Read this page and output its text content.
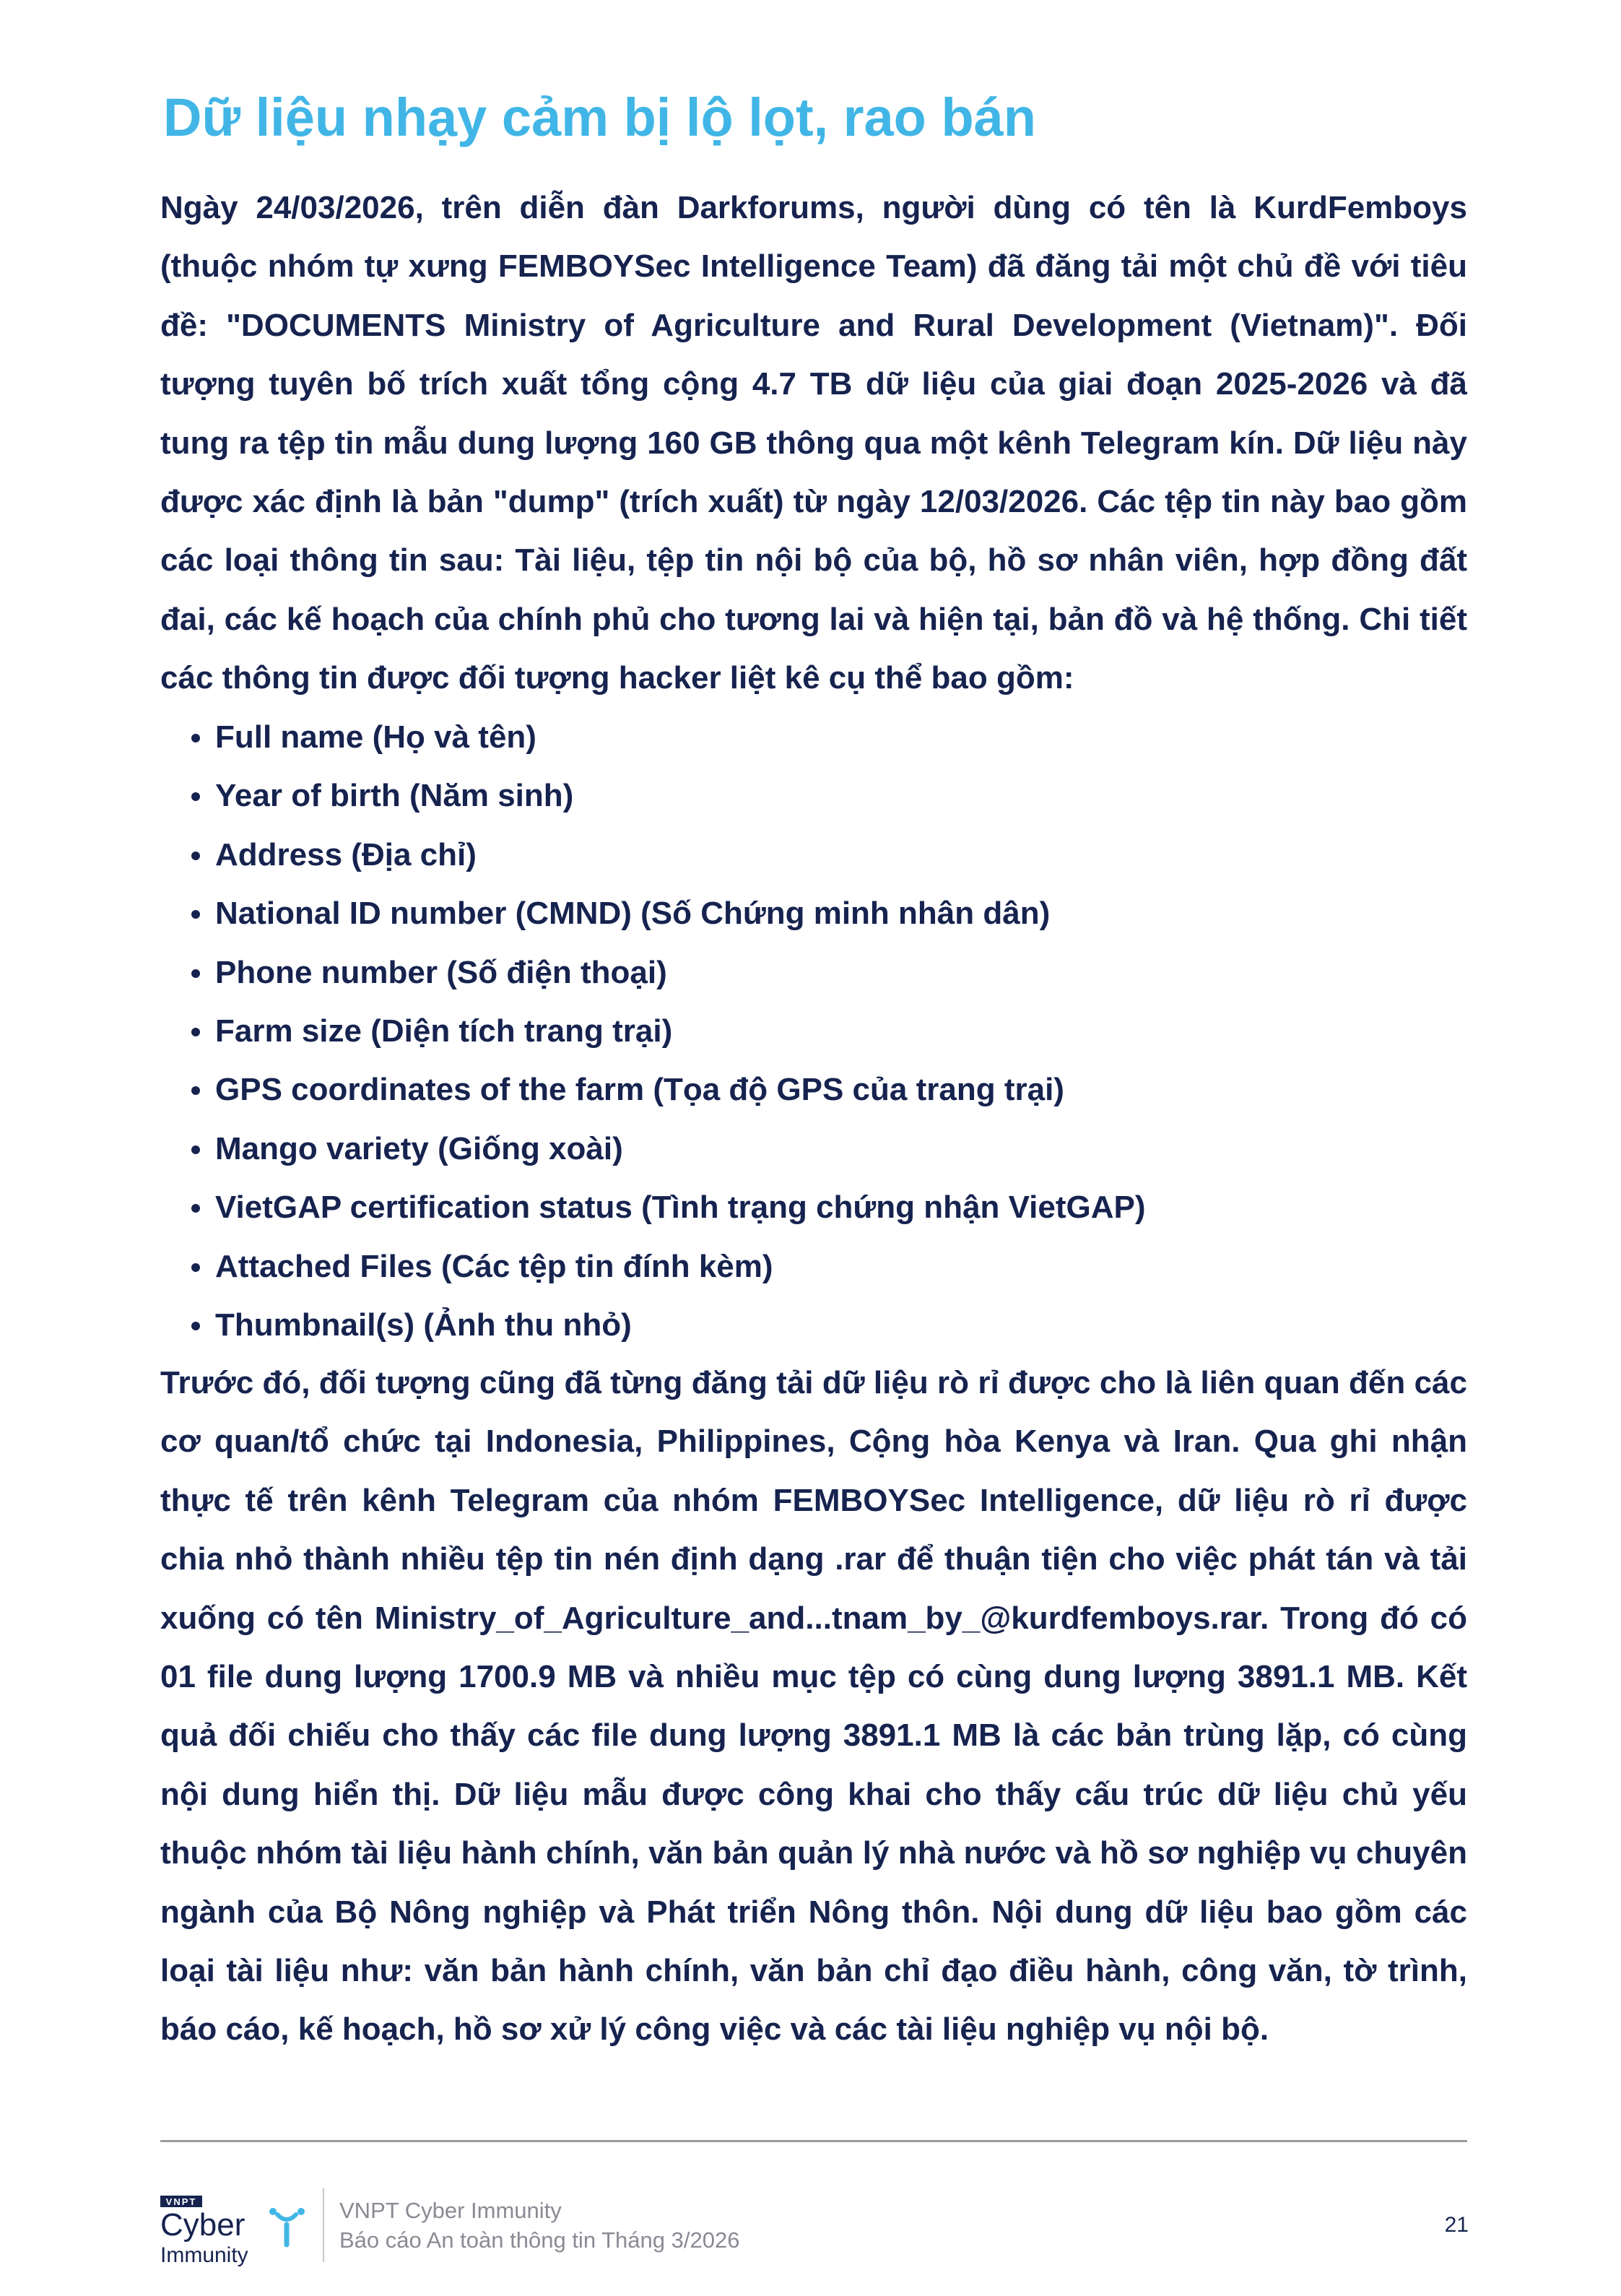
Dữ liệu nhạy cảm bị lộ lọt, rao bán

Ngày 24/03/2026, trên diễn đàn Darkforums, người dùng có tên là KurdFemboys (thuộc nhóm tự xưng FEMBOYSec Intelligence Team) đã đăng tải một chủ đề với tiêu đề: "DOCUMENTS Ministry of Agriculture and Rural Development (Vietnam)". Đối tượng tuyên bố trích xuất tổng cộng 4.7 TB dữ liệu của giai đoạn 2025-2026 và đã tung ra tệp tin mẫu dung lượng 160 GB thông qua một kênh Telegram kín. Dữ liệu này được xác định là bản "dump" (trích xuất) từ ngày 12/03/2026. Các tệp tin này bao gồm các loại thông tin sau: Tài liệu, tệp tin nội bộ của bộ, hồ sơ nhân viên, hợp đồng đất đai, các kế hoạch của chính phủ cho tương lai và hiện tại, bản đồ và hệ thống. Chi tiết các thông tin được đối tượng hacker liệt kê cụ thể bao gồm:

Full name (Họ và tên)
Year of birth (Năm sinh)
Address (Địa chỉ)
National ID number (CMND) (Số Chứng minh nhân dân)
Phone number (Số điện thoại)
Farm size (Diện tích trang trại)
GPS coordinates of the farm (Tọa độ GPS của trang trại)
Mango variety (Giống xoài)
VietGAP certification status (Tình trạng chứng nhận VietGAP)
Attached Files (Các tệp tin đính kèm)
Thumbnail(s) (Ảnh thu nhỏ)

Trước đó, đối tượng cũng đã từng đăng tải dữ liệu rò rỉ được cho là liên quan đến các cơ quan/tổ chức tại Indonesia, Philippines, Cộng hòa Kenya và Iran. Qua ghi nhận thực tế trên kênh Telegram của nhóm FEMBOYSec Intelligence, dữ liệu rò rỉ được chia nhỏ thành nhiều tệp tin nén định dạng .rar để thuận tiện cho việc phát tán và tải xuống có tên Ministry_of_Agriculture_and...tnam_by_@kurdfemboys.rar. Trong đó có 01 file dung lượng 1700.9 MB và nhiều mục tệp có cùng dung lượng 3891.1 MB. Kết quả đối chiếu cho thấy các file dung lượng 3891.1 MB là các bản trùng lặp, có cùng nội dung hiển thị. Dữ liệu mẫu được công khai cho thấy cấu trúc dữ liệu chủ yếu thuộc nhóm tài liệu hành chính, văn bản quản lý nhà nước và hồ sơ nghiệp vụ chuyên ngành của Bộ Nông nghiệp và Phát triển Nông thôn. Nội dung dữ liệu bao gồm các loại tài liệu như: văn bản hành chính, văn bản chỉ đạo điều hành, công văn, tờ trình, báo cáo, kế hoạch, hồ sơ xử lý công việc và các tài liệu nghiệp vụ nội bộ.

VNPT
Cyber
Immunity
VNPT Cyber Immunity
Báo cáo An toàn thông tin Tháng 3/2026
21
